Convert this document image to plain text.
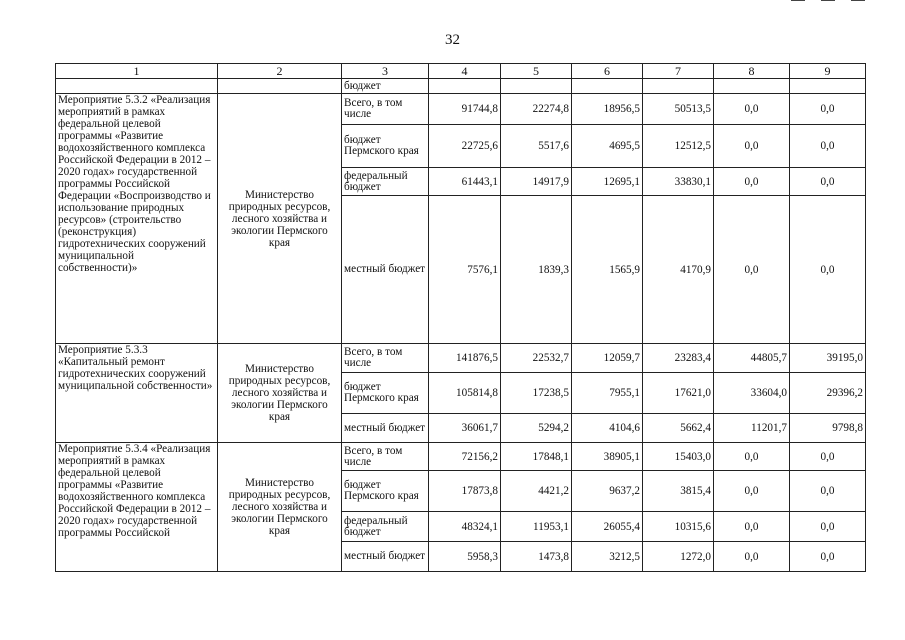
32
1	2	3	4	5	6	7	8	9
		бюджет						
Мероприятие 5.3.2 «Реализация мероприятий в рамках федеральной целевой программы «Развитие водохозяйственного комплекса Российской Федерации в 2012 – 2020 годах» государственной программы Российской Федерации «Воспроизводство и использование природных ресурсов» (строительство (реконструкция) гидротехнических сооружений муниципальной собственности)»	Министерство природных ресурсов, лесного хозяйства и экологии Пермского края	Всего, в том числе	91744,8	22274,8	18956,5	50513,5	0,0	0,0
		бюджет Пермского края	22725,6	5517,6	4695,5	12512,5	0,0	0,0
		федеральный бюджет	61443,1	14917,9	12695,1	33830,1	0,0	0,0
		местный бюджет	7576,1	1839,3	1565,9	4170,9	0,0	0,0
Мероприятие 5.3.3 «Капитальный ремонт гидротехнических сооружений муниципальной собственности»	Министерство природных ресурсов, лесного хозяйства и экологии Пермского края	Всего, в том числе	141876,5	22532,7	12059,7	23283,4	44805,7	39195,0
		бюджет Пермского края	105814,8	17238,5	7955,1	17621,0	33604,0	29396,2
		местный бюджет	36061,7	5294,2	4104,6	5662,4	11201,7	9798,8
Мероприятие 5.3.4 «Реализация мероприятий в рамках федеральной целевой программы «Развитие водохозяйственного комплекса Российской Федерации в 2012 – 2020 годах» государственной программы Российской	Министерство природных ресурсов, лесного хозяйства и экологии Пермского края	Всего, в том числе	72156,2	17848,1	38905,1	15403,0	0,0	0,0
		бюджет Пермского края	17873,8	4421,2	9637,2	3815,4	0,0	0,0
		федеральный бюджет	48324,1	11953,1	26055,4	10315,6	0,0	0,0
		местный бюджет	5958,3	1473,8	3212,5	1272,0	0,0	0,0
